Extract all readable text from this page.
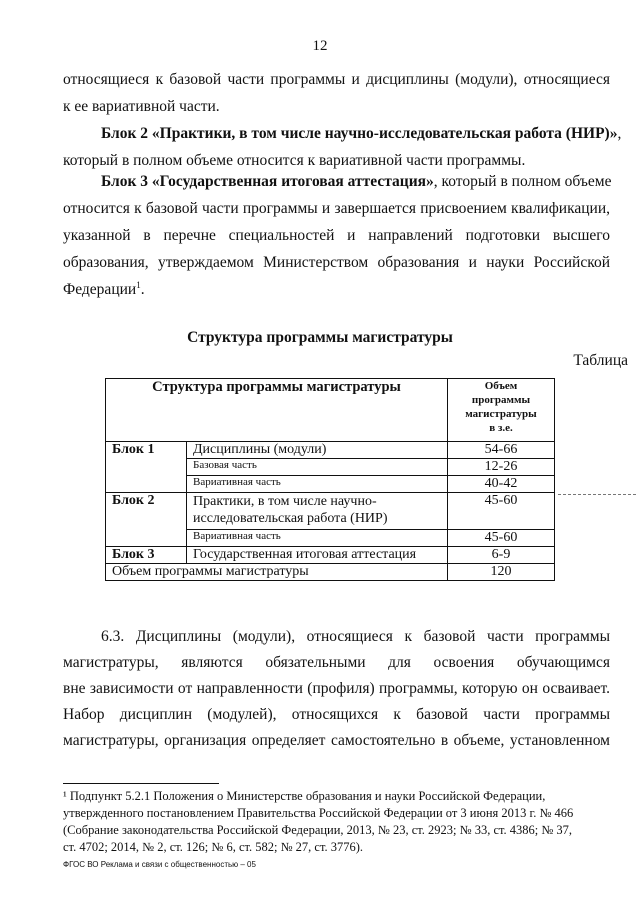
12
относящиеся к базовой части программы и дисциплины (модули), относящиеся
к ее вариативной части.
Блок 2 «Практики, в том числе научно-исследовательская работа (НИР)»,
который в полном объеме относится к вариативной части программы.
Блок 3 «Государственная итоговая аттестация», который в полном объеме
относится к базовой части программы и завершается присвоением квалификации,
указанной в перечне специальностей и направлений подготовки высшего
образования, утверждаемом Министерством образования и науки Российской
Федерации$^1$.
Структура программы магистратуры
Таблица
Структура программы магистратуры		Объем
программы
магистратуры
в з.е.
Блок 1	Дисциплины (модули)	54-66
	Базовая часть	12-26
	Вариативная часть	40-42
Блок 2	Практики, в том числе научно-исследовательская работа (НИР)	45-60
	Вариативная часть	45-60
Блок 3	Государственная итоговая аттестация	6-9
Объем программы магистратуры		120
6.3. Дисциплины (модули), относящиеся к базовой части программы
магистратуры, являются обязательными для освоения обучающимся
вне зависимости от направленности (профиля) программы, которую он осваивает.
Набор дисциплин (модулей), относящихся к базовой части программы
магистратуры, организация определяет самостоятельно в объеме, установленном
¹ Подпункт 5.2.1 Положения о Министерстве образования и науки Российской Федерации,
утвержденного постановлением Правительства Российской Федерации от 3 июня 2013 г. № 466
(Собрание законодательства Российской Федерации, 2013, № 23, ст. 2923; № 33, ст. 4386; № 37,
ст. 4702; 2014, № 2, ст. 126; № 6, ст. 582; № 27, ст. 3776).
ФГОС ВО Реклама и связи с общественностью – 05
